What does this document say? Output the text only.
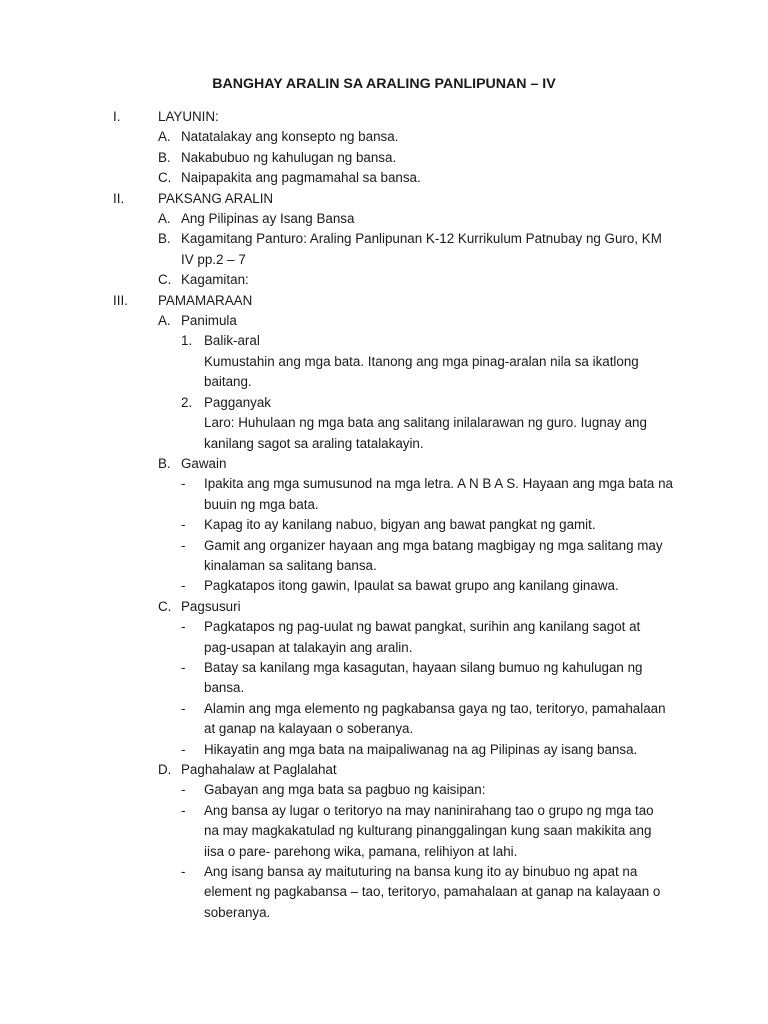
BANGHAY ARALIN SA ARALING PANLIPUNAN – IV
I.	LAYUNIN:
A. Natatalakay ang konsepto ng bansa.
B. Nakabubuo ng kahulugan ng bansa.
C. Naipapakita ang pagmamahal sa bansa.
II.	PAKSANG ARALIN
A. Ang Pilipinas ay Isang Bansa
B. Kagamitang Panturo: Araling Panlipunan K-12 Kurrikulum Patnubay ng Guro, KM
IV pp.2 – 7
C. Kagamitan:
III. PAMAMARAAN
A. Panimula
1. Balik-aral
Kumustahin ang mga bata. Itanong ang mga pinag-aralan nila sa ikatlong
baitang.
2. Pagganyak
Laro: Huhulaan ng mga bata ang salitang inilalarawan ng guro. Iugnay ang
kanilang sagot sa araling tatalakayin.
B. Gawain
- Ipakita ang mga sumusunod na mga letra. A N B A S. Hayaan ang mga bata na
buuin ng mga bata.
- Kapag ito ay kanilang nabuo, bigyan ang bawat pangkat ng gamit.
- Gamit ang organizer hayaan ang mga batang magbigay ng mga salitang may
kinalaman sa salitang bansa.
- Pagkatapos itong gawin, Ipaulat sa bawat grupo ang kanilang ginawa.
C. Pagsusuri
- Pagkatapos ng pag-uulat ng bawat pangkat, surihin ang kanilang sagot at
pag-usapan at talakayin ang aralin.
- Batay sa kanilang mga kasagutan, hayaan silang bumuo ng kahulugan ng
bansa.
- Alamin ang mga elemento ng pagkabansa gaya ng tao, teritoryo, pamahalaan
at ganap na kalayaan o soberanya.
- Hikayatin ang mga bata na maipaliwanag na ag Pilipinas ay isang bansa.
D. Paghahalaw at Paglalahat
- Gabayan ang mga bata sa pagbuo ng kaisipan:
- Ang bansa ay lugar o teritoryo na may naninirahang tao o grupo ng mga tao
na may magkakatulad ng kulturang pinanggalingan kung saan makikita ang
iisa o pare- parehong wika, pamana, relihiyon at lahi.
- Ang isang bansa ay maituturing na bansa kung ito ay binubuo ng apat na
element ng pagkabansa – tao, teritoryo, pamahalaan at ganap na kalayaan o
soberanya.
